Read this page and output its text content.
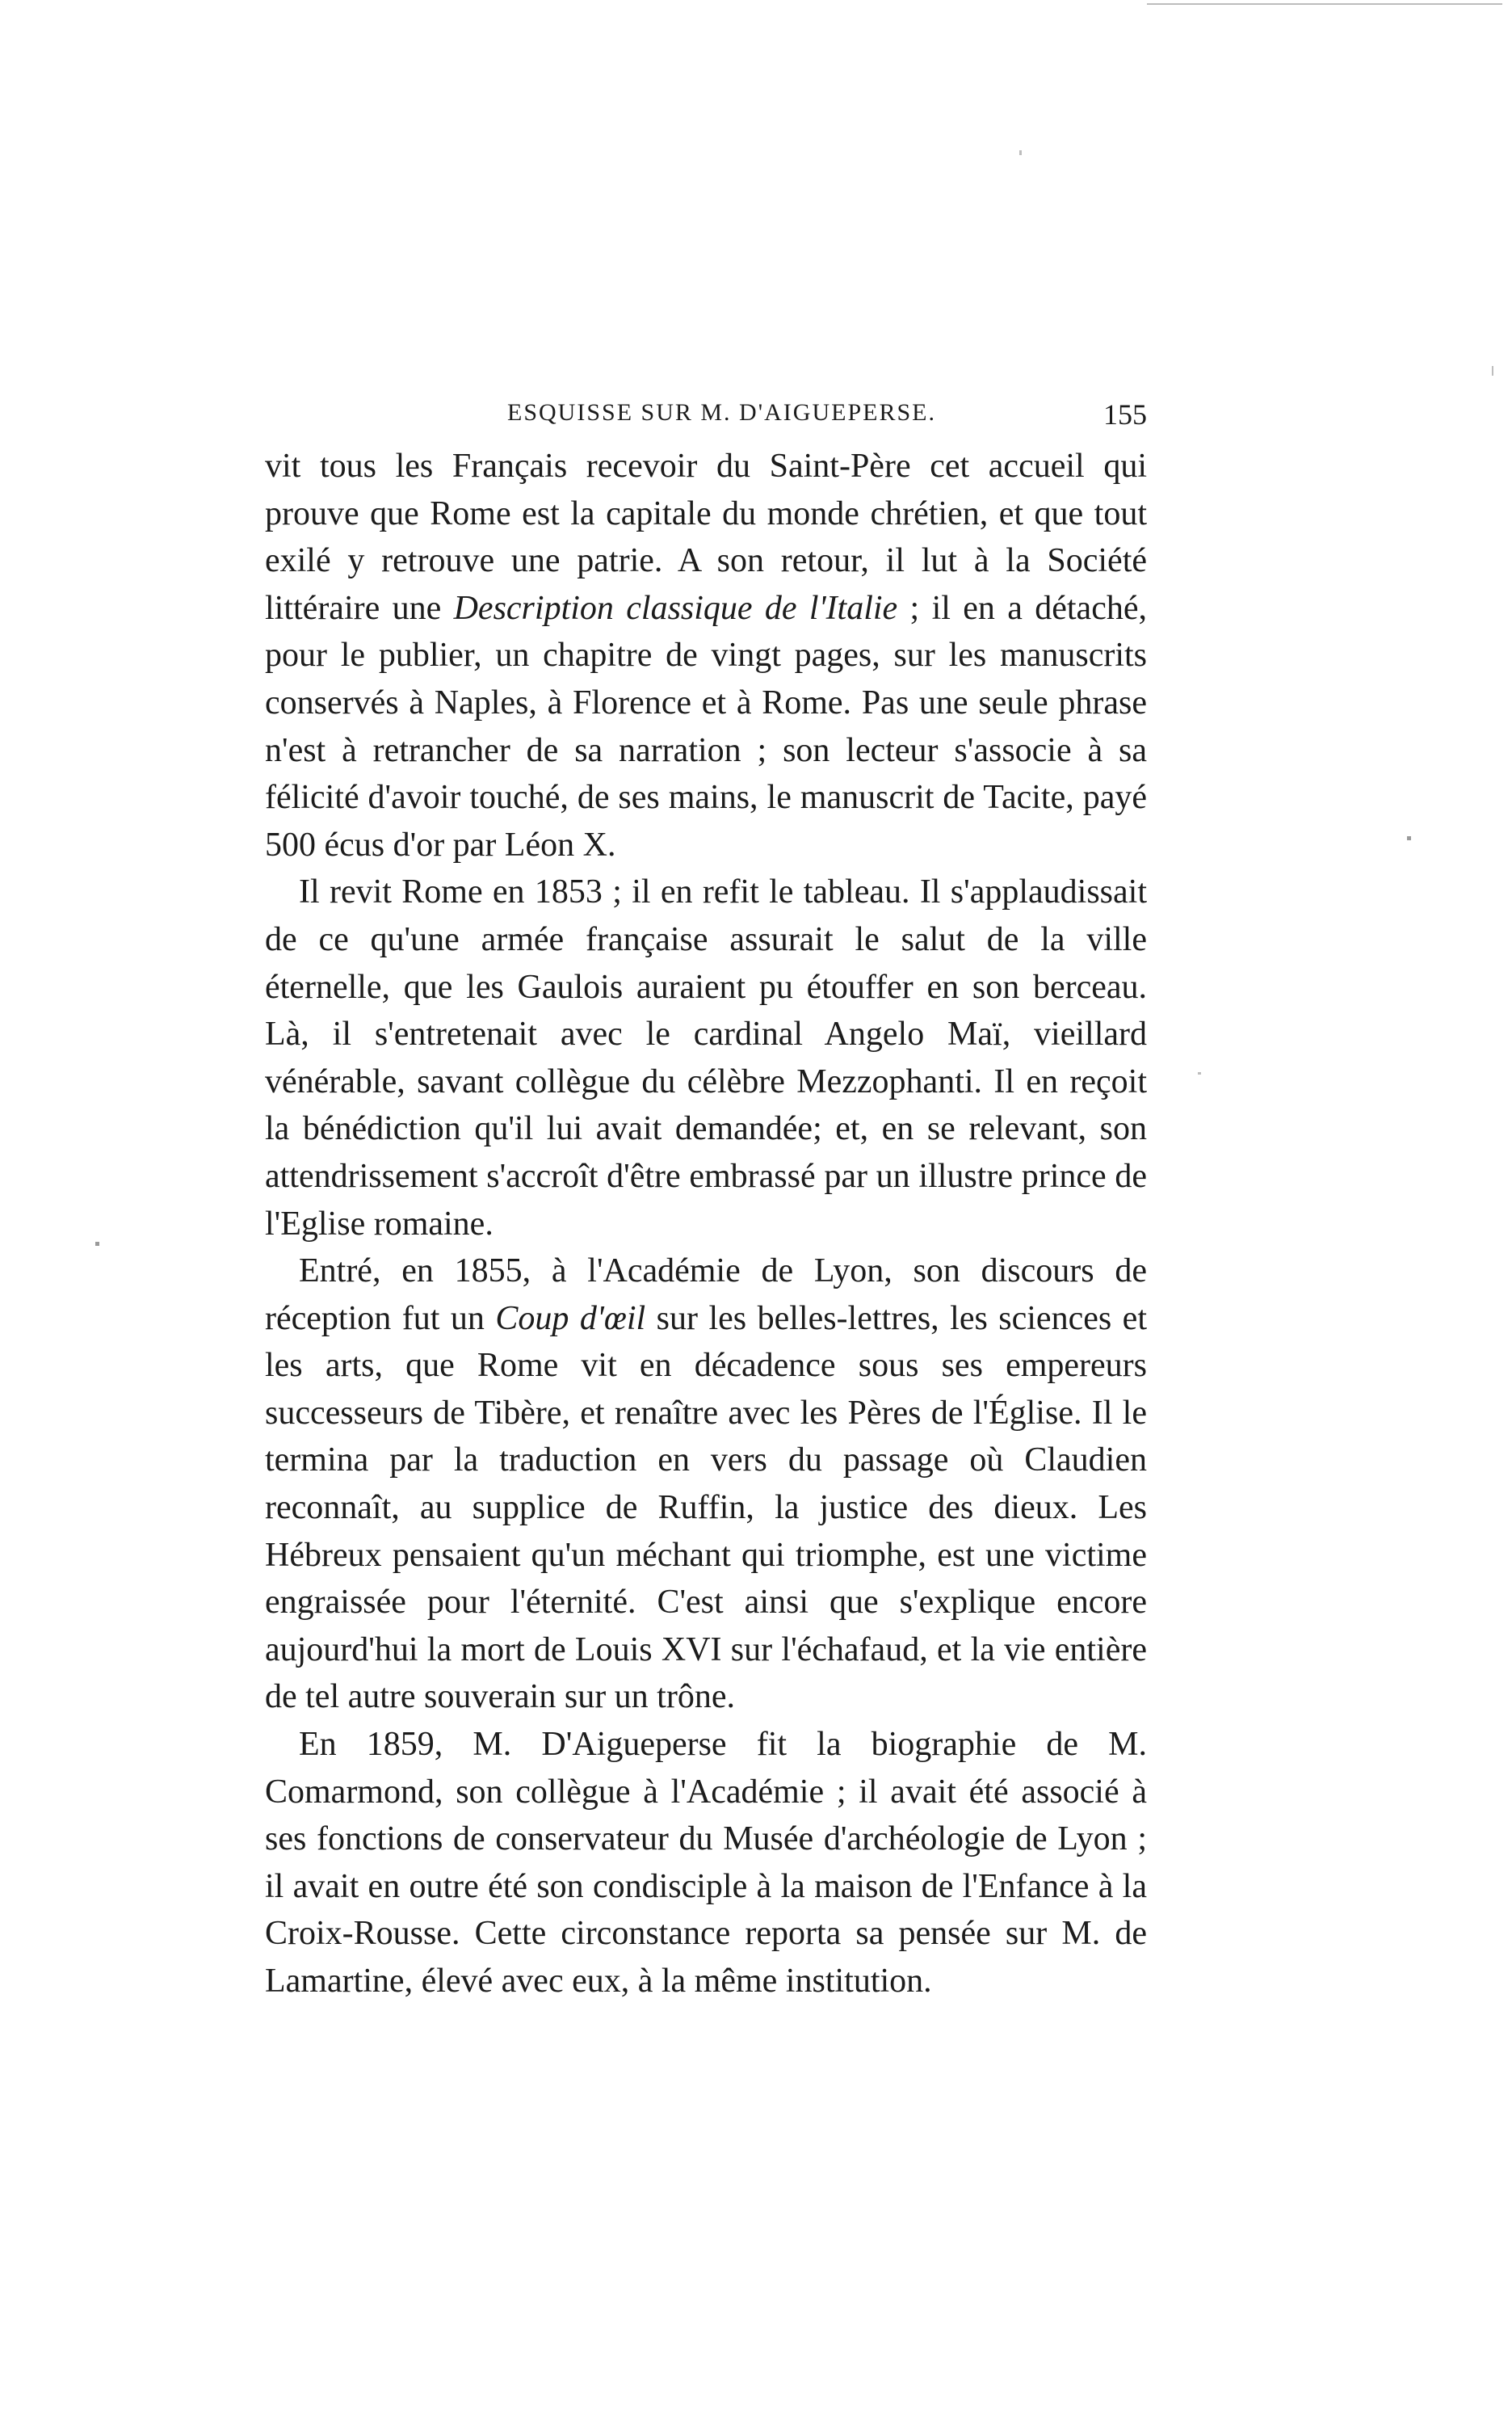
ESQUISSE SUR M. D'AIGUEPERSE.	155

vit tous les Français recevoir du Saint-Père cet accueil qui prouve que Rome est la capitale du monde chrétien, et que tout exilé y retrouve une patrie. A son retour, il lut à la Société littéraire une Description classique de l'Italie ; il en a détaché, pour le publier, un chapitre de vingt pages, sur les manuscrits conservés à Naples, à Florence et à Rome. Pas une seule phrase n'est à retrancher de sa narration ; son lecteur s'associe à sa félicité d'avoir touché, de ses mains, le manuscrit de Tacite, payé 500 écus d'or par Léon X.

Il revit Rome en 1853 ; il en refit le tableau. Il s'applaudissait de ce qu'une armée française assurait le salut de la ville éternelle, que les Gaulois auraient pu étouffer en son berceau. Là, il s'entretenait avec le cardinal Angelo Maï, vieillard vénérable, savant collègue du célèbre Mezzophanti. Il en reçoit la bénédiction qu'il lui avait demandée; et, en se relevant, son attendrissement s'accroît d'être embrassé par un illustre prince de l'Eglise romaine.

Entré, en 1855, à l'Académie de Lyon, son discours de réception fut un Coup d'œil sur les belles-lettres, les sciences et les arts, que Rome vit en décadence sous ses empereurs successeurs de Tibère, et renaître avec les Pères de l'Église. Il le termina par la traduction en vers du passage où Claudien reconnaît, au supplice de Ruffin, la justice des dieux. Les Hébreux pensaient qu'un méchant qui triomphe, est une victime engraissée pour l'éternité. C'est ainsi que s'explique encore aujourd'hui la mort de Louis XVI sur l'échafaud, et la vie entière de tel autre souverain sur un trône.

En 1859, M. D'Aigueperse fit la biographie de M. Comarmond, son collègue à l'Académie ; il avait été associé à ses fonctions de conservateur du Musée d'archéologie de Lyon ; il avait en outre été son condisciple à la maison de l'Enfance à la Croix-Rousse. Cette circonstance reporta sa pensée sur M. de Lamartine, élevé avec eux, à la même institution.
